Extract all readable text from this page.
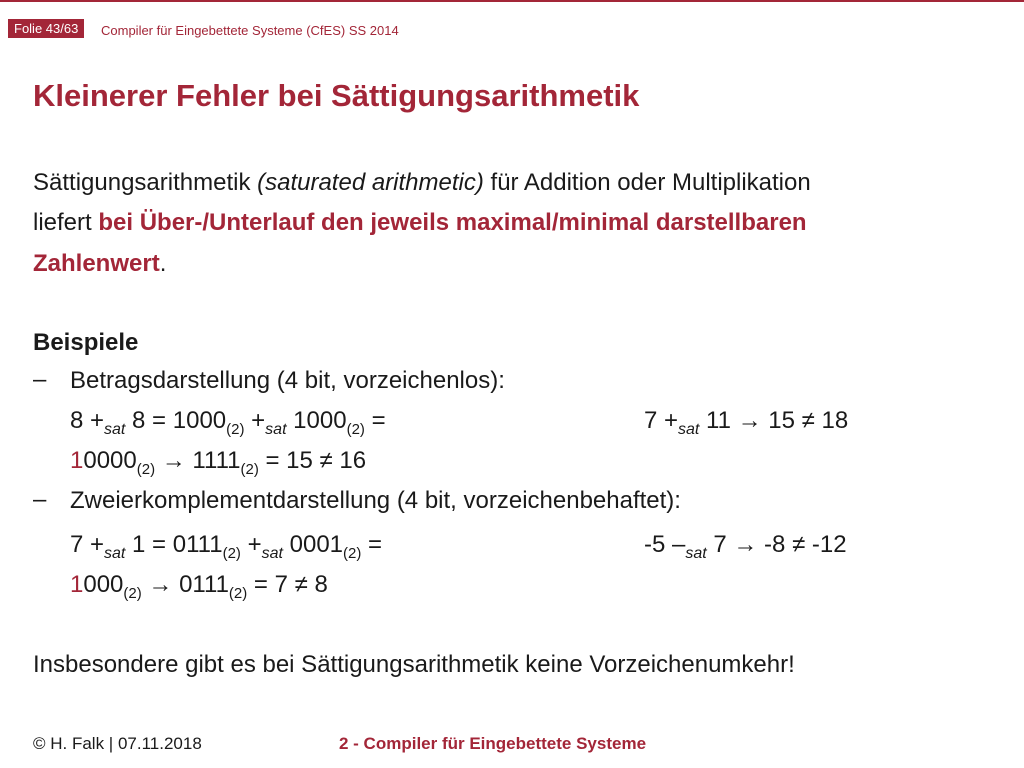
Folie 43/63	Compiler für Eingebettete Systeme (CfES) SS 2014
Kleinerer Fehler bei Sättigungsarithmetik
Sättigungsarithmetik (saturated arithmetic) für Addition oder Multiplikation
liefert bei Über-/Unterlauf den jeweils maximal/minimal darstellbaren
Zahlenwert.
Beispiele
– Betragsdarstellung (4 bit, vorzeichenlos):
$8 +_{sat}$ $8 = 1000_{(2)} +_{sat}$ $1000_{(2)}$ =	$7 +_{sat}$ 11 → 15 ≠ 18
$10000_{(2)} \to 1111_{(2)} = 15 \ne 16$
– Zweierkomplementdarstellung (4 bit, vorzeichenbehaftet):
$7 +_{sat}$ $1 = 0111_{(2)} +_{sat}$ $0001_{(2)}$ =	-5 $-_{sat}$ 7 → -8 ≠ -12
$1000_{(2)} \to 0111_{(2)} = 7 \ne 8$
Insbesondere gibt es bei Sättigungsarithmetik keine Vorzeichenumkehr!
© H. Falk | 07.11.2018	2 - Compiler für Eingebettete Systeme
